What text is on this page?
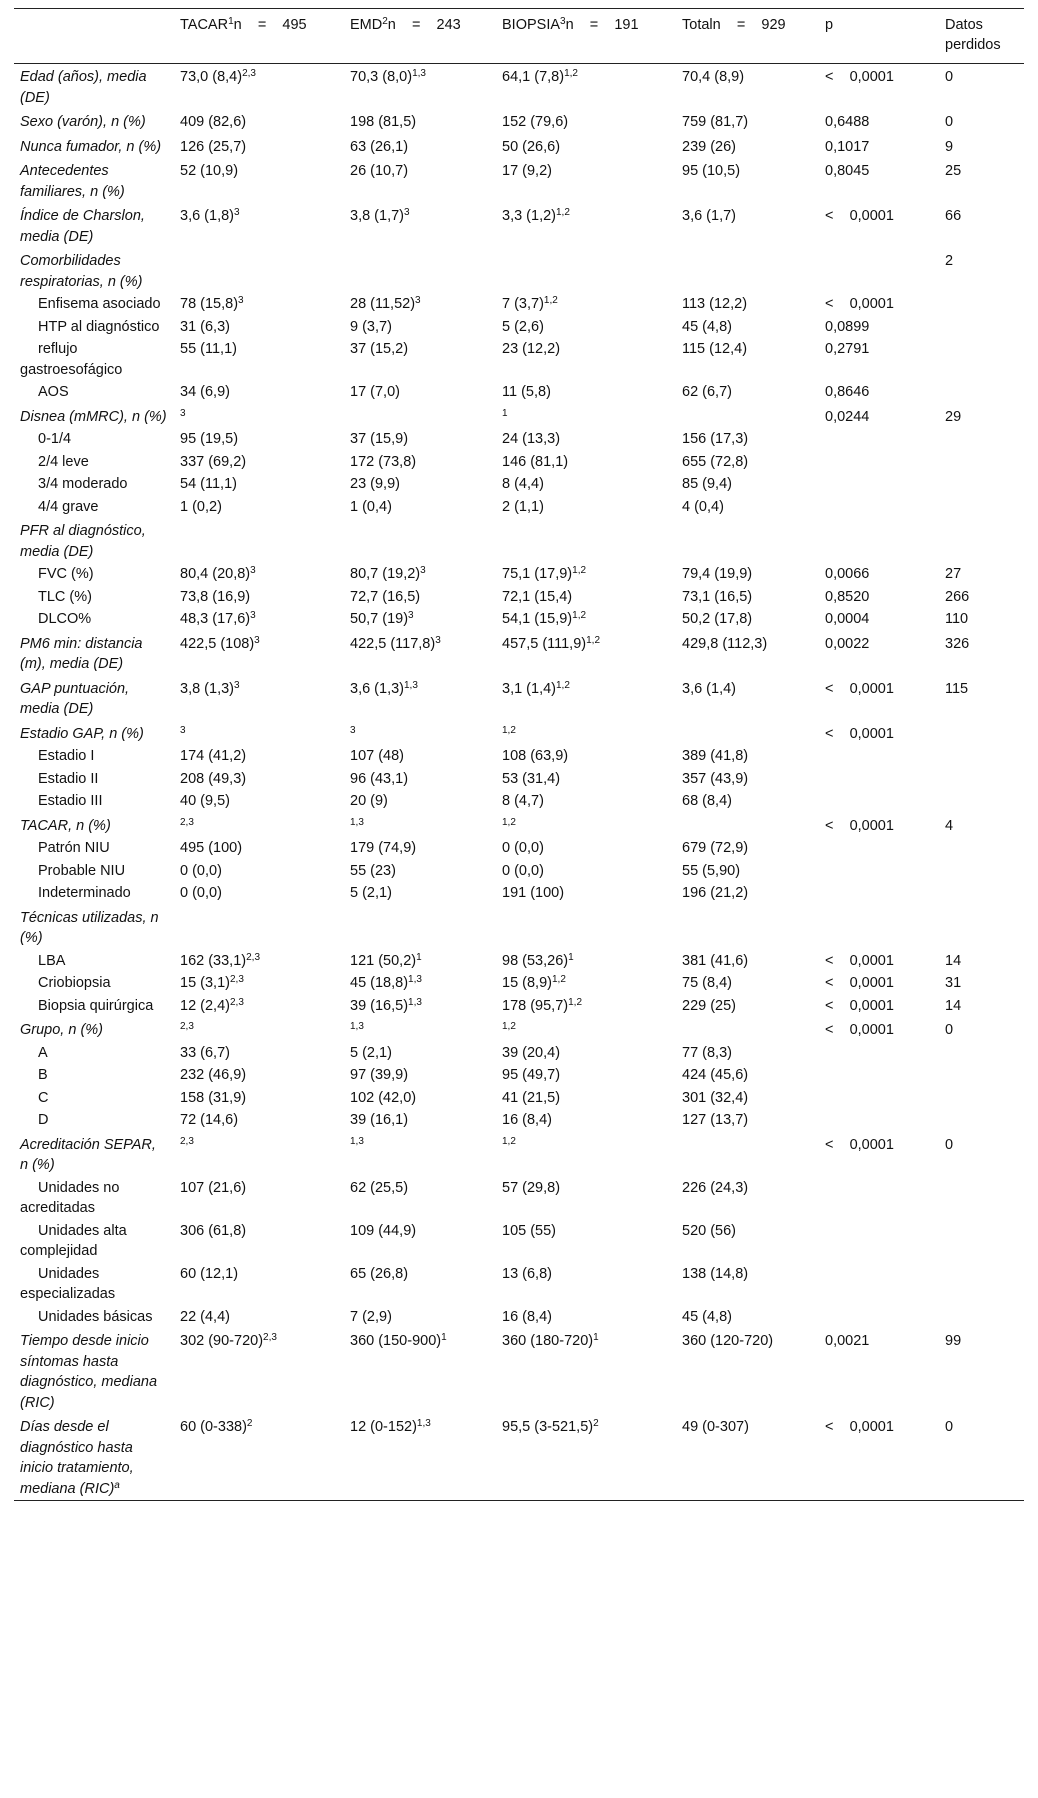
	TACAR$^1$n    =    495	EMD$^2$n    =    243	BIOPSIA$^3$n    =    191	Totaln    =    929	p	Datos perdidos
Edad (años), media (DE)	73,0 $(8,4)^{2,3}$	70,3 $(8,0)^{1,3}$	64,1 $(7,8)^{1,2}$	70,4 (8,9)	<    0,0001	0
Sexo (varón), n (%)	409 (82,6)	198 (81,5)	152 (79,6)	759 (81,7)	0,6488	0
Nunca fumador, n (%)	126 (25,7)	63 (26,1)	50 (26,6)	239 (26)	0,1017	9
Antecedentes familiares, n (%)	52 (10,9)	26 (10,7)	17 (9,2)	95 (10,5)	0,8045	25
Índice de Charslon, media (DE)	3,6 $(1,8)^3$	3,8 $(1,7)^3$	3,3 $(1,2)^{1,2}$	3,6 (1,7)	<    0,0001	66
Comorbilidades respiratorias, n (%)						2
Enfisema asociado	78 $(15,8)^3$	28 $(11,52)^3$	7 $(3,7)^{1,2}$	113 (12,2)	<    0,0001	
HTP al diagnóstico	31 (6,3)	9 (3,7)	5 (2,6)	45 (4,8)	0,0899	
reflujo gastroesofágico	55 (11,1)	37 (15,2)	23 (12,2)	115 (12,4)	0,2791	
AOS	34 (6,9)	17 (7,0)	11 (5,8)	62 (6,7)	0,8646	
Disnea (mMRC), n (%)	$^3$		$^1$		0,0244	29
0-1/4	95 (19,5)	37 (15,9)	24 (13,3)	156 (17,3)		
2/4 leve	337 (69,2)	172 (73,8)	146 (81,1)	655 (72,8)		
3/4 moderado	54 (11,1)	23 (9,9)	8 (4,4)	85 (9,4)		
4/4 grave	1 (0,2)	1 (0,4)	2 (1,1)	4 (0,4)		
PFR al diagnóstico, media (DE)						
FVC (%)	80,4 $(20,8)^3$	80,7 $(19,2)^3$	75,1 $(17,9)^{1,2}$	79,4 (19,9)	0,0066	27
TLC (%)	73,8 (16,9)	72,7 (16,5)	72,1 (15,4)	73,1 (16,5)	0,8520	266
DLCO%	48,3 $(17,6)^3$	50,7 $(19)^3$	54,1 $(15,9)^{1,2}$	50,2 (17,8)	0,0004	110
PM6 min: distancia (m), media (DE)	422,5 $(108)^3$	422,5 $(117,8)^3$	457,5 $(111,9)^{1,2}$	429,8 (112,3)	0,0022	326
GAP puntuación, media (DE)	3,8 $(1,3)^3$	3,6 $(1,3)^{1,3}$	3,1 $(1,4)^{1,2}$	3,6 (1,4)	<    0,0001	115
Estadio GAP, n (%)	$^3$	$^3$	$^{1,2}$		<    0,0001	
Estadio I	174 (41,2)	107 (48)	108 (63,9)	389 (41,8)		
Estadio II	208 (49,3)	96 (43,1)	53 (31,4)	357 (43,9)		
Estadio III	40 (9,5)	20 (9)	8 (4,7)	68 (8,4)		
TACAR, n (%)	$^{2,3}$	$^{1,3}$	$^{1,2}$		<    0,0001	4
Patrón NIU	495 (100)	179 (74,9)	0 (0,0)	679 (72,9)		
Probable NIU	0 (0,0)	55 (23)	0 (0,0)	55 (5,90)		
Indeterminado	0 (0,0)	5 (2,1)	191 (100)	196 (21,2)		
Técnicas utilizadas, n (%)						
LBA	162 $(33,1)^{2,3}$	121 $(50,2)^1$	98 $(53,26)^1$	381 (41,6)	<    0,0001	14
Criobiopsia	15 $(3,1)^{2,3}$	45 $(18,8)^{1,3}$	15 $(8,9)^{1,2}$	75 (8,4)	<    0,0001	31
Biopsia quirúrgica	12 $(2,4)^{2,3}$	39 $(16,5)^{1,3}$	178 $(95,7)^{1,2}$	229 (25)	<    0,0001	14
Grupo, n (%)	$^{2,3}$	$^{1,3}$	$^{1,2}$		<    0,0001	0
A	33 (6,7)	5 (2,1)	39 (20,4)	77 (8,3)		
B	232 (46,9)	97 (39,9)	95 (49,7)	424 (45,6)		
C	158 (31,9)	102 (42,0)	41 (21,5)	301 (32,4)		
D	72 (14,6)	39 (16,1)	16 (8,4)	127 (13,7)		
Acreditación SEPAR, n (%)	$^{2,3}$	$^{1,3}$	$^{1,2}$		<    0,0001	0
Unidades no acreditadas	107 (21,6)	62 (25,5)	57 (29,8)	226 (24,3)		
Unidades alta complejidad	306 (61,8)	109 (44,9)	105 (55)	520 (56)		
Unidades especializadas	60 (12,1)	65 (26,8)	13 (6,8)	138 (14,8)		
Unidades básicas	22 (4,4)	7 (2,9)	16 (8,4)	45 (4,8)		
Tiempo desde inicio síntomas hasta diagnóstico, mediana (RIC)	302 $(90-720)^{2,3}$	360 $(150-900)^1$	360 $(180-720)^1$	360 (120-720)	0,0021	99
Días desde el diagnóstico hasta inicio tratamiento, mediana (RIC)$^a$	60 $(0-338)^2$	12 $(0-152)^{1,3}$	95,5 $(3-521,5)^2$	49 (0-307)	<    0,0001	0
